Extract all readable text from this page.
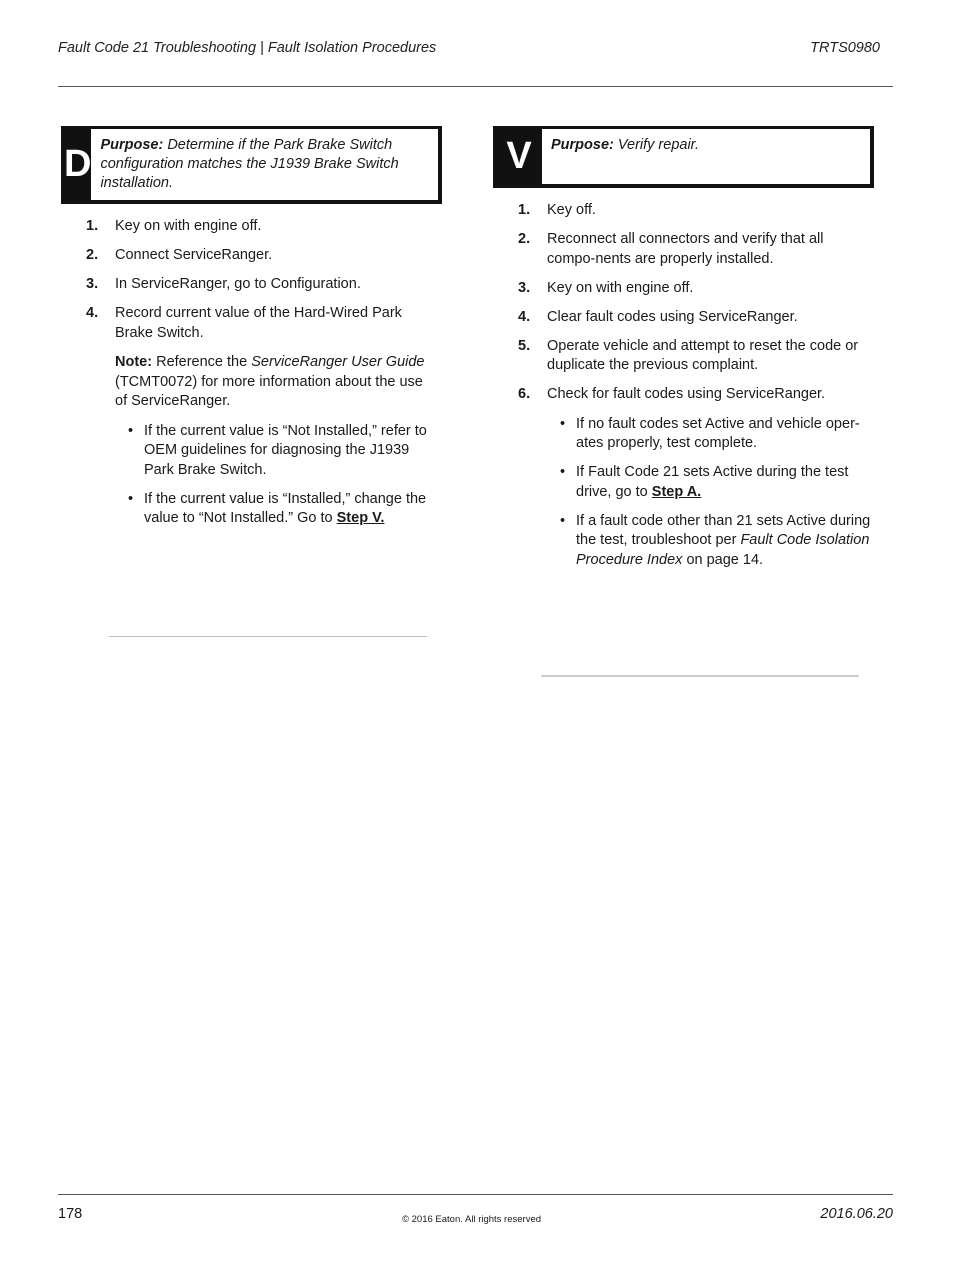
Fault Code 21 Troubleshooting | Fault Isolation Procedures	TRTS0980
D Purpose: Determine if the Park Brake Switch configuration matches the J1939 Brake Switch installation.
V	Purpose: Verify repair.
1. Key on with engine off.
2. Connect ServiceRanger.
3. In ServiceRanger, go to Configuration.
4. Record current value of the Hard-Wired Park Brake Switch.
Note: Reference the ServiceRanger User Guide (TCMT0072) for more information about the use of ServiceRanger.
• If the current value is “Not Installed,” refer to OEM guidelines for diagnosing the J1939 Park Brake Switch.
• If the current value is “Installed,” change the value to “Not Installed.” Go to Step V.
1. Key off.
2. Reconnect all connectors and verify that all compo-nents are properly installed.
3. Key on with engine off.
4. Clear fault codes using ServiceRanger.
5. Operate vehicle and attempt to reset the code or duplicate the previous complaint.
6. Check for fault codes using ServiceRanger.
• If no fault codes set Active and vehicle oper-ates properly, test complete.
• If Fault Code 21 sets Active during the test drive, go to Step A.
• If a fault code other than 21 sets Active during the test, troubleshoot per Fault Code Isolation Procedure Index on page 14.
178	© 2016 Eaton. All rights reserved	2016.06.20
